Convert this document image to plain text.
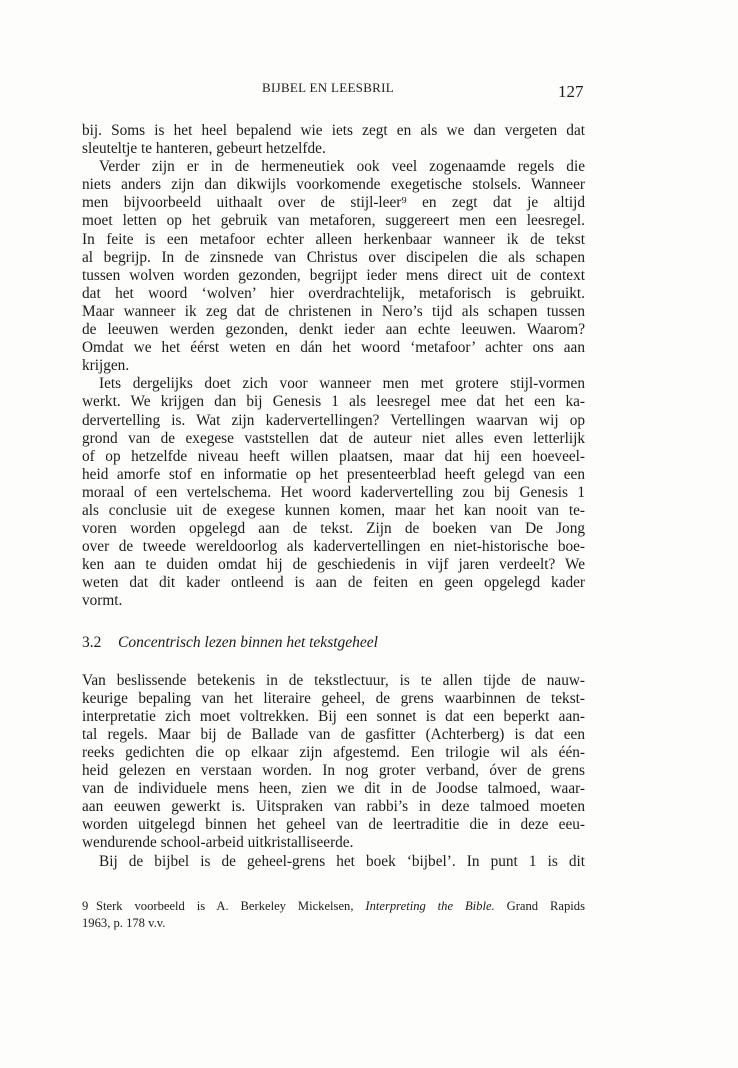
BIJBEL EN LEESBRIL	127
bij. Soms is het heel bepalend wie iets zegt en als we dan vergeten dat
sleuteltje te hanteren, gebeurt hetzelfde.
Verder zijn er in de hermeneutiek ook veel zogenaamde regels die
niets anders zijn dan dikwijls voorkomende exegetische stolsels. Wanneer
men bijvoorbeeld uithaalt over de stijl-leer⁹ en zegt dat je altijd
moet letten op het gebruik van metaforen, suggereert men een leesregel.
In feite is een metafoor echter alleen herkenbaar wanneer ik de tekst
al begrijp. In de zinsnede van Christus over discipelen die als schapen
tussen wolven worden gezonden, begrijpt ieder mens direct uit de context
dat het woord ‘wolven’ hier overdrachtelijk, metaforisch is gebruikt.
Maar wanneer ik zeg dat de christenen in Nero’s tijd als schapen tussen
de leeuwen werden gezonden, denkt ieder aan echte leeuwen. Waarom?
Omdat we het éérst weten en dán het woord ‘metafoor’ achter ons aan
krijgen.
Iets dergelijks doet zich voor wanneer men met grotere stijl-vormen
werkt. We krijgen dan bij Genesis 1 als leesregel mee dat het een ka-
dervertelling is. Wat zijn kadervertellingen? Vertellingen waarvan wij op
grond van de exegese vaststellen dat de auteur niet alles even letterlijk
of op hetzelfde niveau heeft willen plaatsen, maar dat hij een hoeveel-
heid amorfe stof en informatie op het presenteerblad heeft gelegd van een
moraal of een vertelschema. Het woord kadervertelling zou bij Genesis 1
als conclusie uit de exegese kunnen komen, maar het kan nooit van te-
voren worden opgelegd aan de tekst. Zijn de boeken van De Jong
over de tweede wereldoorlog als kadervertellingen en niet-historische boe-
ken aan te duiden omdat hij de geschiedenis in vijf jaren verdeelt? We
weten dat dit kader ontleend is aan de feiten en geen opgelegd kader
vormt.
3.2 Concentrisch lezen binnen het tekstgeheel
Van beslissende betekenis in de tekstlectuur, is te allen tijde de nauw-
keurige bepaling van het literaire geheel, de grens waarbinnen de tekst-
interpretatie zich moet voltrekken. Bij een sonnet is dat een beperkt aan-
tal regels. Maar bij de Ballade van de gasfitter (Achterberg) is dat een
reeks gedichten die op elkaar zijn afgestemd. Een trilogie wil als één-
heid gelezen en verstaan worden. In nog groter verband, óver de grens
van de individuele mens heen, zien we dit in de Joodse talmoed, waar-
aan eeuwen gewerkt is. Uitspraken van rabbi’s in deze talmoed moeten
worden uitgelegd binnen het geheel van de leertraditie die in deze eeu-
wendurende school-arbeid uitkristalliseerde.
Bij de bijbel is de geheel-grens het boek ‘bijbel’. In punt 1 is dit
9 Sterk voorbeeld is A. Berkeley Mickelsen, Interpreting the Bible. Grand Rapids
1963, p. 178 v.v.
